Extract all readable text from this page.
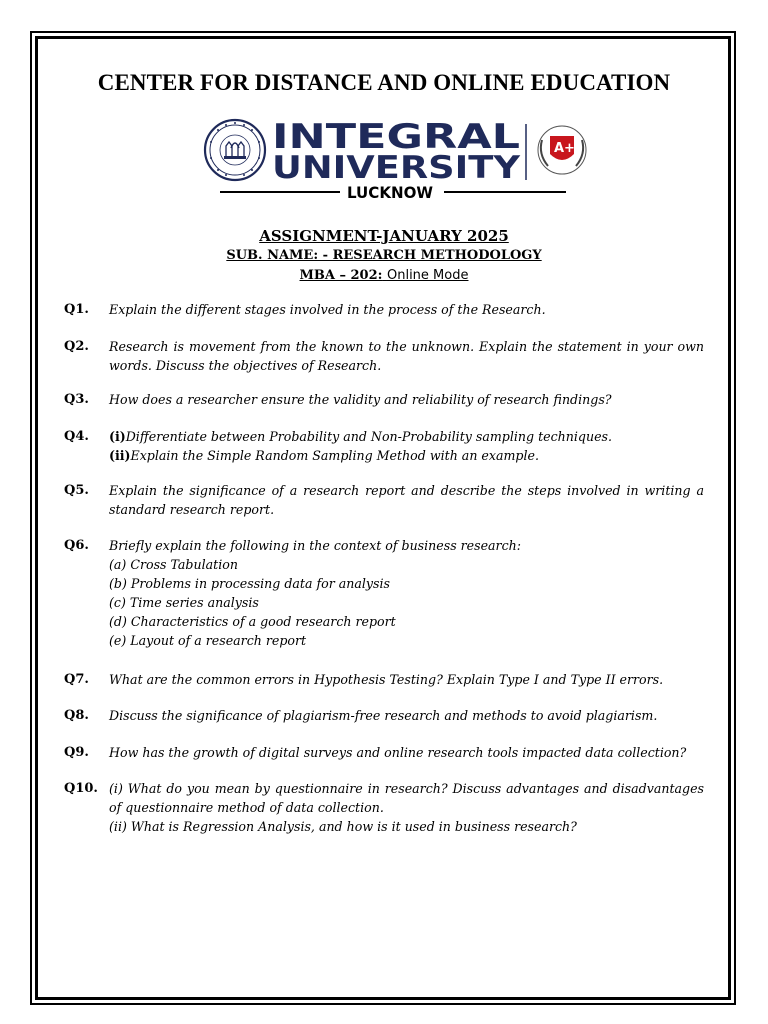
CENTER FOR DISTANCE AND ONLINE EDUCATION
INTEGRAL
UNIVERSITY
A+
LUCKNOW
ASSIGNMENT-JANUARY 2025
SUB. NAME: - RESEARCH METHODOLOGY
MBA – 202: Online Mode
Q1. Explain the different stages involved in the process of the Research.
Q2. Research is movement from the known to the unknown. Explain the statement in your own words. Discuss the objectives of Research.
Q3. How does a researcher ensure the validity and reliability of research findings?
Q4. (i)Differentiate between Probability and Non-Probability sampling techniques.
(ii)Explain the Simple Random Sampling Method with an example.
Q5. Explain the significance of a research report and describe the steps involved in writing a standard research report.
Q6. Briefly explain the following in the context of business research:
(a) Cross Tabulation
(b) Problems in processing data for analysis
(c) Time series analysis
(d) Characteristics of a good research report
(e) Layout of a research report
Q7. What are the common errors in Hypothesis Testing? Explain Type I and Type II errors.
Q8. Discuss the significance of plagiarism-free research and methods to avoid plagiarism.
Q9. How has the growth of digital surveys and online research tools impacted data collection?
Q10. (i) What do you mean by questionnaire in research? Discuss advantages and disadvantages of questionnaire method of data collection.
(ii) What is Regression Analysis, and how is it used in business research?
